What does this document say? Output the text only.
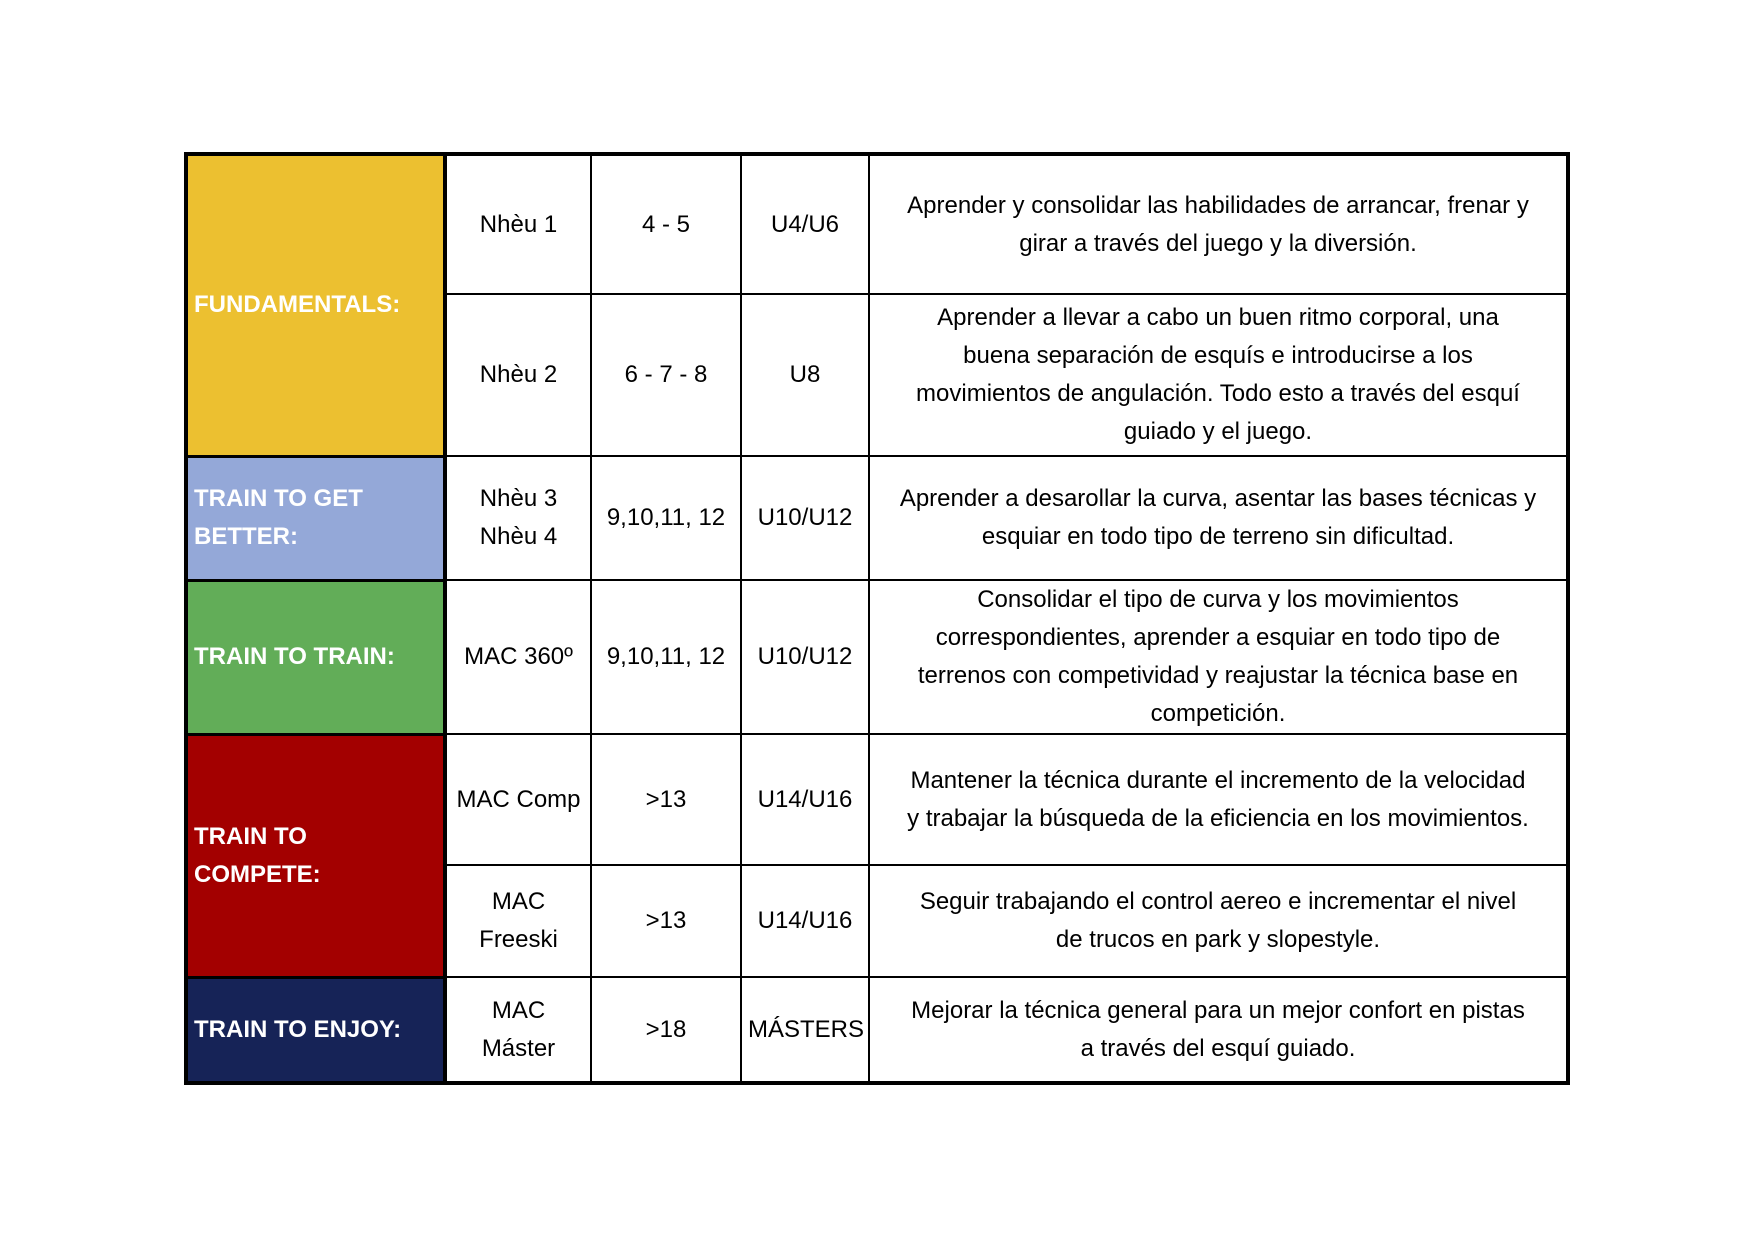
FUNDAMENTALS:	Nhèu 1	4 - 5	U4/U6	Aprender y consolidar las habilidades de arrancar, frenar y
girar a través del juego y la diversión.

	Nhèu 2	6 - 7 - 8	U8	Aprender a llevar a cabo un buen ritmo corporal, una
buena separación de esquís e introducirse a los
movimientos de angulación. Todo esto a través del esquí
guiado y el juego.

TRAIN TO GET
BETTER:	Nhèu 3
Nhèu 4	9,10,11, 12	U10/U12	Aprender a desarollar la curva, asentar las bases técnicas y
esquiar en todo tipo de terreno sin dificultad.

TRAIN TO TRAIN:	MAC 360º	9,10,11, 12	U10/U12	Consolidar el tipo de curva y los movimientos
correspondientes, aprender a esquiar en todo tipo de
terrenos con competividad y reajustar la técnica base en
competición.

TRAIN TO COMPETE:	MAC Comp	>13	U14/U16	Mantener la técnica durante el incremento de la velocidad
y trabajar la búsqueda de la eficiencia en los movimientos.

	MAC
Freeski	>13	U14/U16	Seguir trabajando el control aereo e incrementar el nivel
de trucos en park y slopestyle.

TRAIN TO ENJOY:	MAC
Máster	>18	MÁSTERS	Mejorar la técnica general para un mejor confort en pistas
a través del esquí guiado.
